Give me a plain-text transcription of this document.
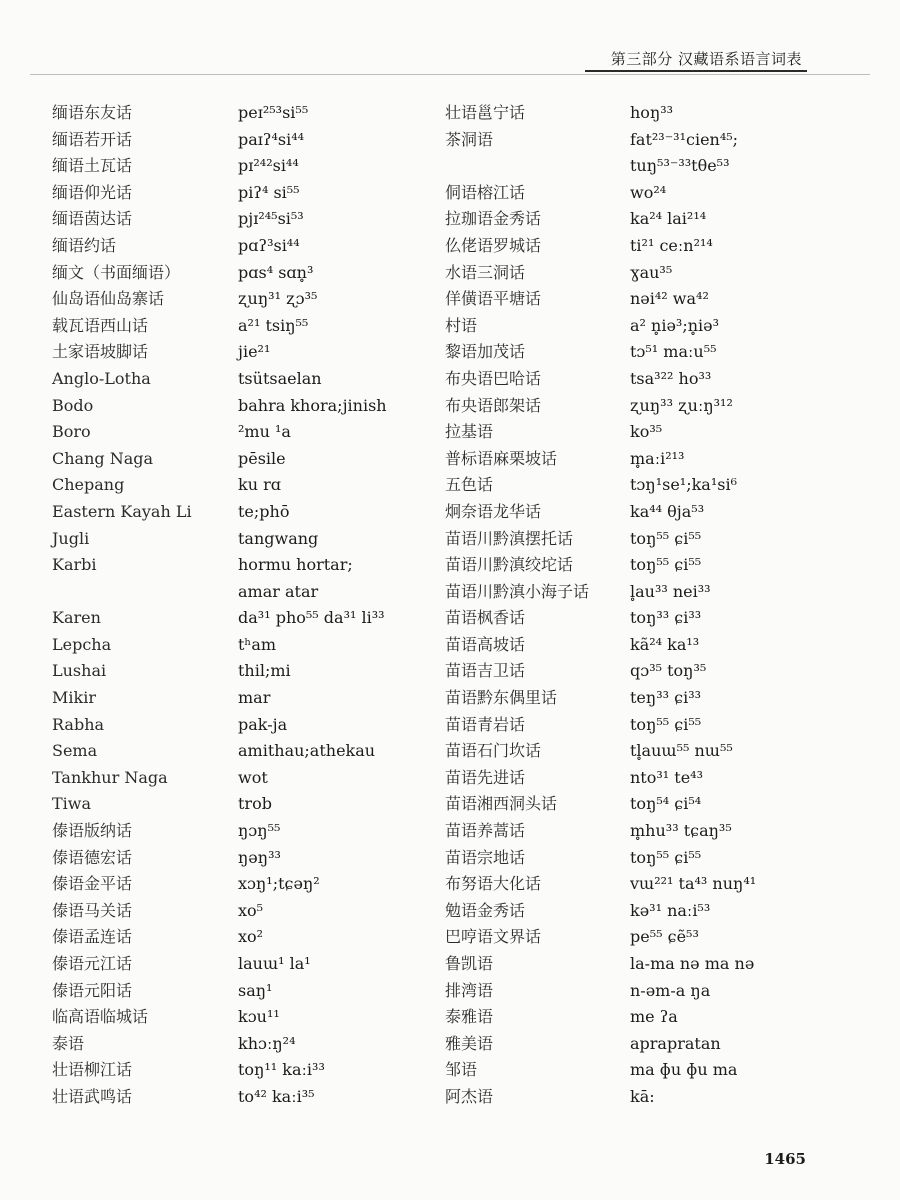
第三部分 汉藏语系语言词表
缅语东友话
缅语若开话
缅语土瓦话
缅语仰光话
缅语茵达话
缅语约话
缅文（书面缅语）
仙岛语仙岛寨话
载瓦语西山话
土家语坡脚话
Anglo-Lotha
Bodo
Boro
Chang Naga
Chepang
Eastern Kayah Li
Jugli
Karbi
Karen
Lepcha
Lushai
Mikir
Rabha
Sema
Tankhur Naga
Tiwa
傣语版纳话
傣语德宏话
傣语金平话
傣语马关话
傣语孟连话
傣语元江话
傣语元阳话
临高语临城话
泰语
壮语柳江话
壮语武鸣话
peɪ²⁵³si⁵⁵
paɪʔ⁴si⁴⁴
pɪ²⁴²si⁴⁴
piʔ⁴ si⁵⁵
pjɪ²⁴⁵si⁵³
pɑʔ³si⁴⁴
pɑs⁴ sɑn̥³
ʐuŋ³¹ ʐɔ³⁵
a²¹ tsiŋ⁵⁵
jie²¹
tsütsaelan
bahra khora;jinish
²mu ¹a
pēsile
ku rɑ
te;phō
tangwang
hormu hortar;
amar atar
da³¹ pho⁵⁵ da³¹ li³³
tʰam
thil;mi
mar
pak-ja
amithau;athekau
wot
trob
ŋɔŋ⁵⁵
ŋəŋ³³
xɔŋ¹;tɕəŋ²
xo⁵
xo²
lauɯ¹ la¹
saŋ¹
kɔu¹¹
khɔːŋ²⁴
toŋ¹¹ kaːi³³
to⁴² kaːi³⁵
壮语邕宁话
茶洞语
侗语榕江话
拉珈语金秀话
仫佬语罗城话
水语三洞话
佯僙语平塘话
村语
黎语加茂话
布央语巴哈话
布央语郎架话
拉基语
普标语麻栗坡话
五色话
炯奈语龙华话
苗语川黔滇摆托话
苗语川黔滇绞坨话
苗语川黔滇小海子话
苗语枫香话
苗语高坡话
苗语吉卫话
苗语黔东偶里话
苗语青岩话
苗语石门坎话
苗语先进话
苗语湘西洞头话
苗语养蒿话
苗语宗地话
布努语大化话
勉语金秀话
巴哼语文界话
鲁凯语
排湾语
泰雅语
雅美语
邹语
阿杰语
hoŋ³³
fat²³⁻³¹cien⁴⁵;
tuŋ⁵³⁻³³tθe⁵³
wo²⁴
ka²⁴ lai²¹⁴
ti²¹ ceːn²¹⁴
ɣau³⁵
nəi⁴² wa⁴²
a² n̥iə³;n̥iə³
tɔ⁵¹ maːu⁵⁵
tsa³²² ho³³
ʐuŋ³³ ʐuːŋ³¹²
ko³⁵
m̥aːi²¹³
tɔŋ¹se¹;ka¹si⁶
ka⁴⁴ θja⁵³
toŋ⁵⁵ ɕi⁵⁵
toŋ⁵⁵ ɕi⁵⁵
l̥au³³ nei³³
toŋ³³ ɕi³³
kã²⁴ ka¹³
qɔ³⁵ toŋ³⁵
teŋ³³ ɕi³³
toŋ⁵⁵ ɕi⁵⁵
tl̥auɯ⁵⁵ nɯ⁵⁵
nto³¹ te⁴³
toŋ⁵⁴ ɕi⁵⁴
m̥hu³³ tɕaŋ³⁵
toŋ⁵⁵ ɕi⁵⁵
vɯ²²¹ ta⁴³ nuŋ⁴¹
kə³¹ naːi⁵³
pe⁵⁵ ɕẽ⁵³
la-ma nə ma nə
n-əm-a ŋa
me ʔa
aprapratan
ma ɸu ɸu ma
kā:
1465
